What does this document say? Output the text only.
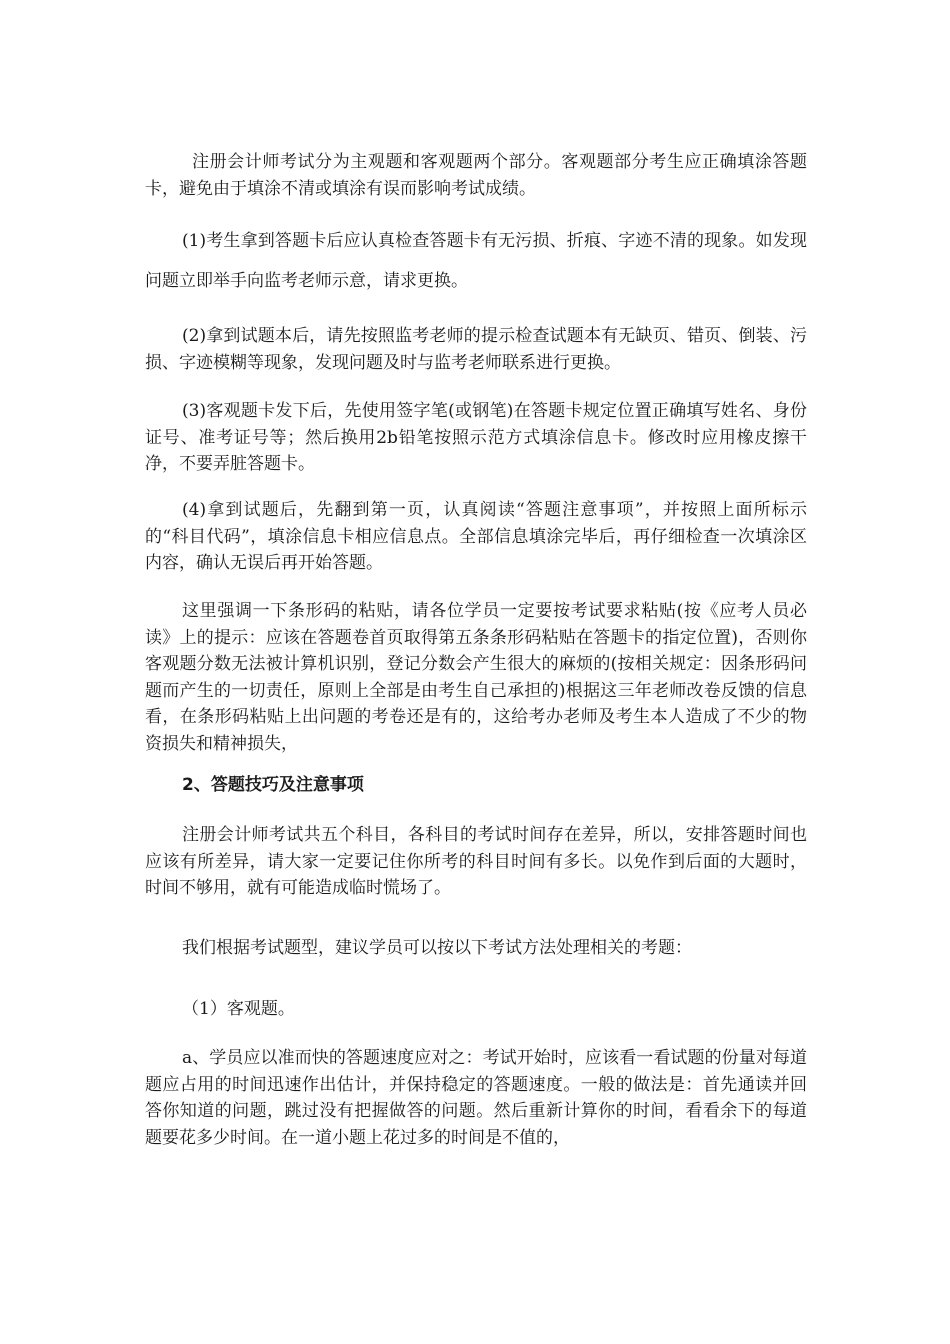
注册会计师考试分为主观题和客观题两个部分。客观题部分考生应正确填涂答题卡，避免由于填涂不清或填涂有误而影响考试成绩。

(1)考生拿到答题卡后应认真检查答题卡有无污损、折痕、字迹不清的现象。如发现问题立即举手向监考老师示意，请求更换。

(2)拿到试题本后，请先按照监考老师的提示检查试题本有无缺页、错页、倒装、污损、字迹模糊等现象，发现问题及时与监考老师联系进行更换。

(3)客观题卡发下后，先使用签字笔(或钢笔)在答题卡规定位置正确填写姓名、身份证号、准考证号等；然后换用2b铅笔按照示范方式填涂信息卡。修改时应用橡皮擦干净，不要弄脏答题卡。

(4)拿到试题后，先翻到第一页，认真阅读“答题注意事项”，并按照上面所标示的“科目代码”，填涂信息卡相应信息点。全部信息填涂完毕后，再仔细检查一次填涂区内容，确认无误后再开始答题。

这里强调一下条形码的粘贴，请各位学员一定要按考试要求粘贴(按《应考人员必读》上的提示：应该在答题卷首页取得第五条条形码粘贴在答题卡的指定位置)，否则你客观题分数无法被计算机识别，登记分数会产生很大的麻烦的(按相关规定：因条形码问题而产生的一切责任，原则上全部是由考生自己承担的)根据这三年老师改卷反馈的信息看，在条形码粘贴上出问题的考卷还是有的，这给考办老师及考生本人造成了不少的物资损失和精神损失，

2、答题技巧及注意事项

注册会计师考试共五个科目，各科目的考试时间存在差异，所以，安排答题时间也应该有所差异，请大家一定要记住你所考的科目时间有多长。以免作到后面的大题时，时间不够用，就有可能造成临时慌场了。

我们根据考试题型，建议学员可以按以下考试方法处理相关的考题：

（1）客观题。

a、学员应以准而快的答题速度应对之：考试开始时，应该看一看试题的份量对每道题应占用的时间迅速作出估计，并保持稳定的答题速度。一般的做法是：首先通读并回答你知道的问题，跳过没有把握做答的问题。然后重新计算你的时间，看看余下的每道题要花多少时间。在一道小题上花过多的时间是不值的，
